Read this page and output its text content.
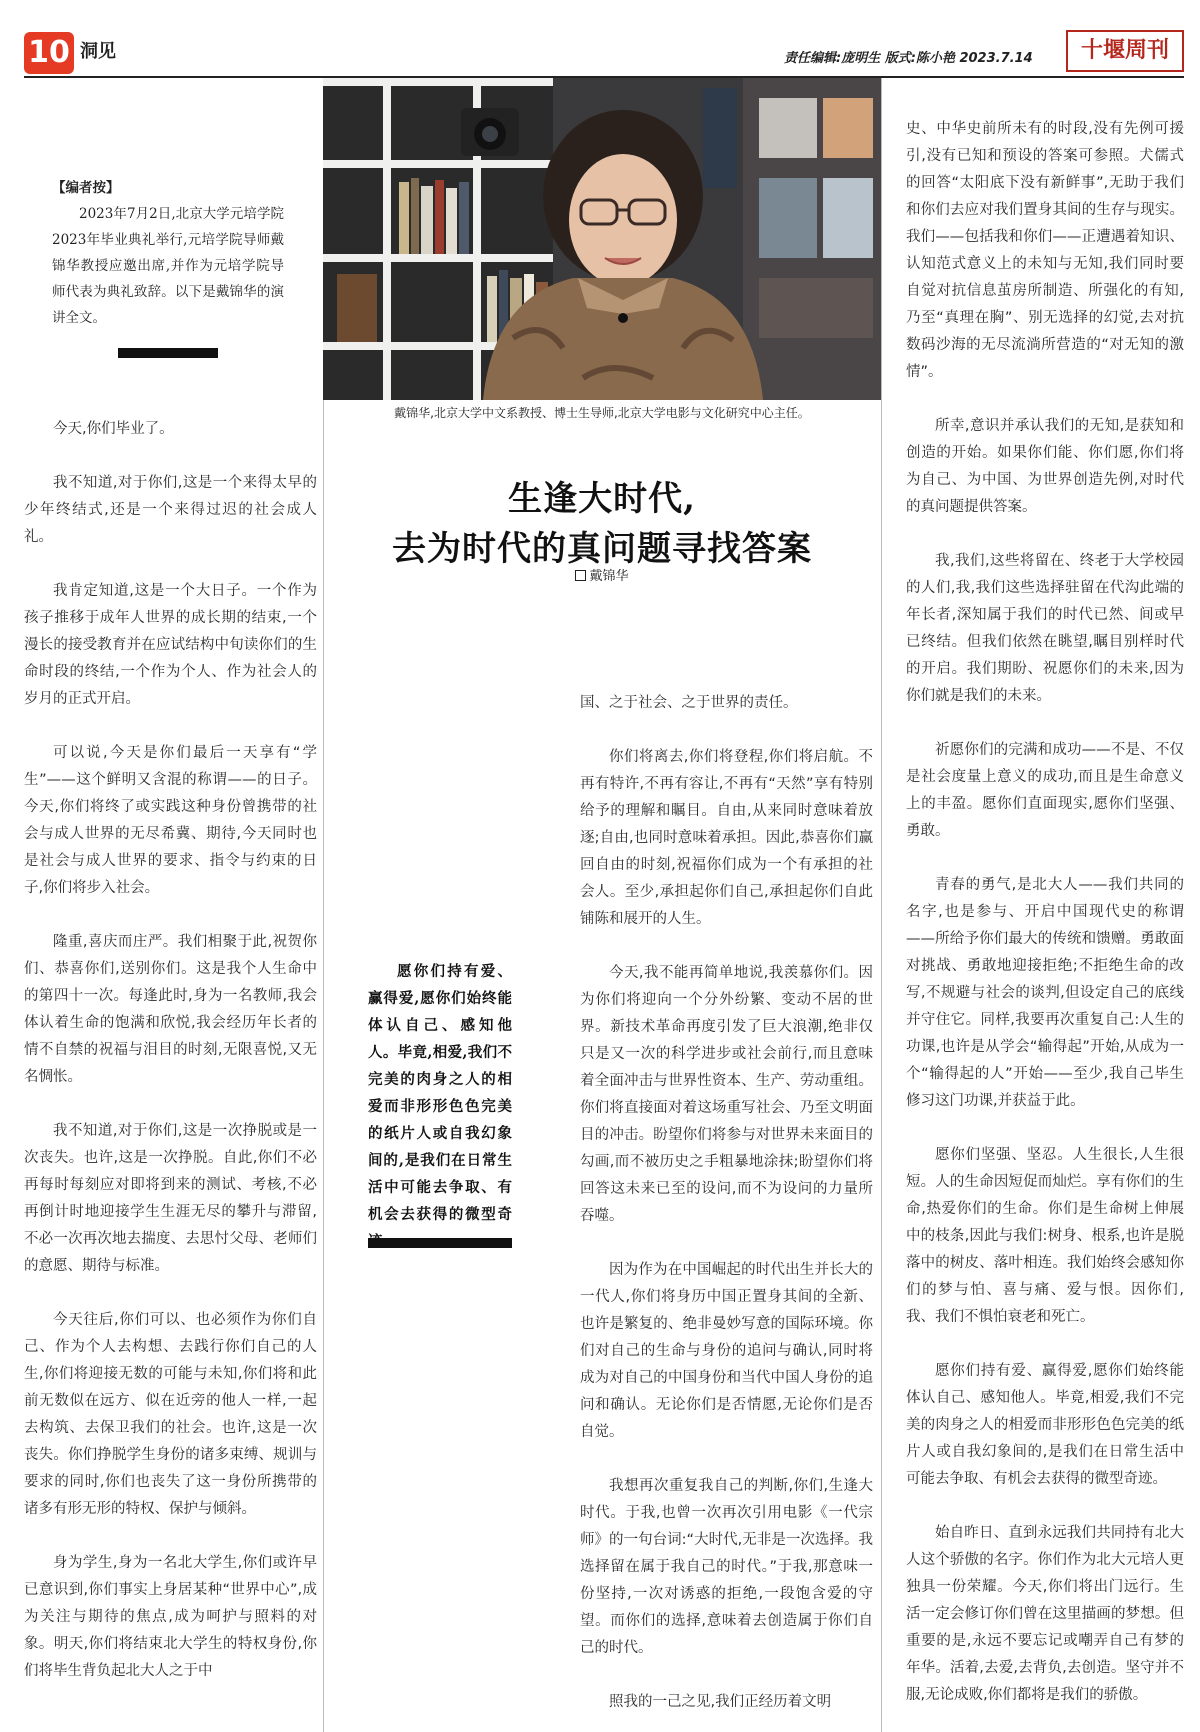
10 洞见	责任编辑:庞明生 版式:陈小艳 2023.7.14	十堰周刊
【编者按】

2023年7月2日,北京大学元培学院2023年毕业典礼举行,元培学院导师戴锦华教授应邀出席,并作为元培学院导师代表为典礼致辞。以下是戴锦华的演讲全文。

戴锦华,北京大学中文系教授、博士生导师,北京大学电影与文化研究中心主任。
生逢大时代,
去为时代的真问题寻找答案
戴锦华

今天,你们毕业了。

我不知道,对于你们,这是一个来得太早的少年终结式,还是一个来得过迟的社会成人礼。

我肯定知道,这是一个大日子。一个作为孩子推移于成年人世界的成长期的结束,一个漫长的接受教育并在应试结构中旬读你们的生命时段的终结,一个作为个人、作为社会人的岁月的正式开启。

可以说,今天是你们最后一天享有“学生”——这个鲜明又含混的称谓——的日子。今天,你们将终了或实践这种身份曾携带的社会与成人世界的无尽希冀、期待,今天同时也是社会与成人世界的要求、指令与约束的日子,你们将步入社会。

隆重,喜庆而庄严。我们相聚于此,祝贺你们、恭喜你们,送别你们。这是我个人生命中的第四十一次。每逢此时,身为一名教师,我会体认着生命的饱满和欣悦,我会经历年长者的情不自禁的祝福与泪目的时刻,无限喜悦,又无名惆怅。

我不知道,对于你们,这是一次挣脱或是一次丧失。也许,这是一次挣脱。自此,你们不必再每时每刻应对即将到来的测试、考核,不必再倒计时地迎接学生生涯无尽的攀升与滞留,不必一次再次地去揣度、去思忖父母、老师们的意愿、期待与标准。

今天往后,你们可以、也必须作为你们自己、作为个人去构想、去践行你们自己的人生,你们将迎接无数的可能与未知,你们将和此前无数似在远方、似在近旁的他人一样,一起去构筑、去保卫我们的社会。也许,这是一次丧失。你们挣脱学生身份的诸多束缚、规训与要求的同时,你们也丧失了这一身份所携带的诸多有形无形的特权、保护与倾斜。

身为学生,身为一名北大学生,你们或许早已意识到,你们事实上身居某种“世界中心”,成为关注与期待的焦点,成为呵护与照料的对象。明天,你们将结束北大学生的特权身份,你们将毕生背负起北大人之于中

愿你们持有爱、赢得爱,愿你们始终能体认自己、感知他人。毕竟,相爱,我们不完美的肉身之人的相爱而非形形色色完美的纸片人或自我幻象间的,是我们在日常生活中可能去争取、有机会去获得的微型奇

国、之于社会、之于世界的责任。

你们将离去,你们将登程,你们将启航。不再有特许,不再有容让,不再有“天然”享有特别给予的理解和瞩目。自由,从来同时意味着放逐;自由,也同时意味着承担。因此,恭喜你们赢回自由的时刻,祝福你们成为一个有承担的社会人。至少,承担起你们自己,承担起你们自此铺陈和展开的人生。

今天,我不能再简单地说,我羡慕你们。因为你们将迎向一个分外纷繁、变动不居的世界。新技术革命再度引发了巨大浪潮,绝非仅只是又一次的科学进步或社会前行,而且意味着全面冲击与世界性资本、生产、劳动重组。你们将直接面对着这场重写社会、乃至文明面目的冲击。盼望你们将参与对世界未来面目的勾画,而不被历史之手粗暴地涂抹;盼望你们将回答这未来已至的设问,而不为设问的力量所吞噬。

因为作为在中国崛起的时代出生并长大的一代人,你们将身历中国正置身其间的全新、也许是繁复的、绝非曼妙写意的国际环境。你们对自己的生命与身份的追问与确认,同时将成为对自己的中国身份和当代中国人身份的追问和确认。无论你们是否情愿,无论你们是否自觉。

我想再次重复我自己的判断,你们,生逢大时代。于我,也曾一次再次引用电影《一代宗师》的一句台词:“大时代,无非是一次选择。我选择留在属于我自己的时代。”于我,那意味一份坚持,一次对诱惑的拒绝,一段饱含爱的守望。而你们的选择,意味着去创造属于你们自己的时代。

照我的一己之见,我们正经历着文明

史、中华史前所未有的时段,没有先例可援引,没有已知和预设的答案可参照。犬儒式的回答“太阳底下没有新鲜事”,无助于我们和你们去应对我们置身其间的生存与现实。我们——包括我和你们——正遭遇着知识、认知范式意义上的未知与无知,我们同时要自觉对抗信息茧房所制造、所强化的有知,乃至“真理在胸”、别无选择的幻觉,去对抗数码沙海的无尽流淌所营造的“对无知的激情”。

所幸,意识并承认我们的无知,是获知和创造的开始。如果你们能、你们愿,你们将为自己、为中国、为世界创造先例,对时代的真问题提供答案。

我,我们,这些将留在、终老于大学校园的人们,我,我们这些选择驻留在代沟此端的年长者,深知属于我们的时代已然、间或早已终结。但我们依然在眺望,瞩目别样时代的开启。我们期盼、祝愿你们的未来,因为你们就是我们的未来。

祈愿你们的完满和成功——不是、不仅是社会度量上意义的成功,而且是生命意义上的丰盈。愿你们直面现实,愿你们坚强、勇敢。

青春的勇气,是北大人——我们共同的名字,也是参与、开启中国现代史的称谓——所给予你们最大的传统和馈赠。勇敢面对挑战、勇敢地迎接拒绝;不拒绝生命的改写,不规避与社会的谈判,但设定自己的底线并守住它。同样,我要再次重复自己:人生的功课,也许是从学会“输得起”开始,从成为一个“输得起的人”开始——至少,我自己毕生修习这门功课,并获益于此。

愿你们坚强、坚忍。人生很长,人生很短。人的生命因短促而灿烂。享有你们的生命,热爱你们的生命。你们是生命树上伸展中的枝条,因此与我们:树身、根系,也许是脱落中的树皮、落叶相连。我们始终会感知你们的梦与怕、喜与痛、爱与恨。因你们,我、我们不惧怕衰老和死亡。

愿你们持有爱、赢得爱,愿你们始终能体认自己、感知他人。毕竟,相爱,我们不完美的肉身之人的相爱而非形形色色完美的纸片人或自我幻象间的,是我们在日常生活中可能去争取、有机会去获得的微型奇迹。

始自昨日、直到永远我们共同持有北大人这个骄傲的名字。你们作为北大元培人更独具一份荣耀。今天,你们将出门远行。生活一定会修订你们曾在这里描画的梦想。但重要的是,永远不要忘记或嘲弄自己有梦的年华。活着,去爱,去背负,去创造。坚守并不服,无论成败,你们都将是我们的骄傲。
